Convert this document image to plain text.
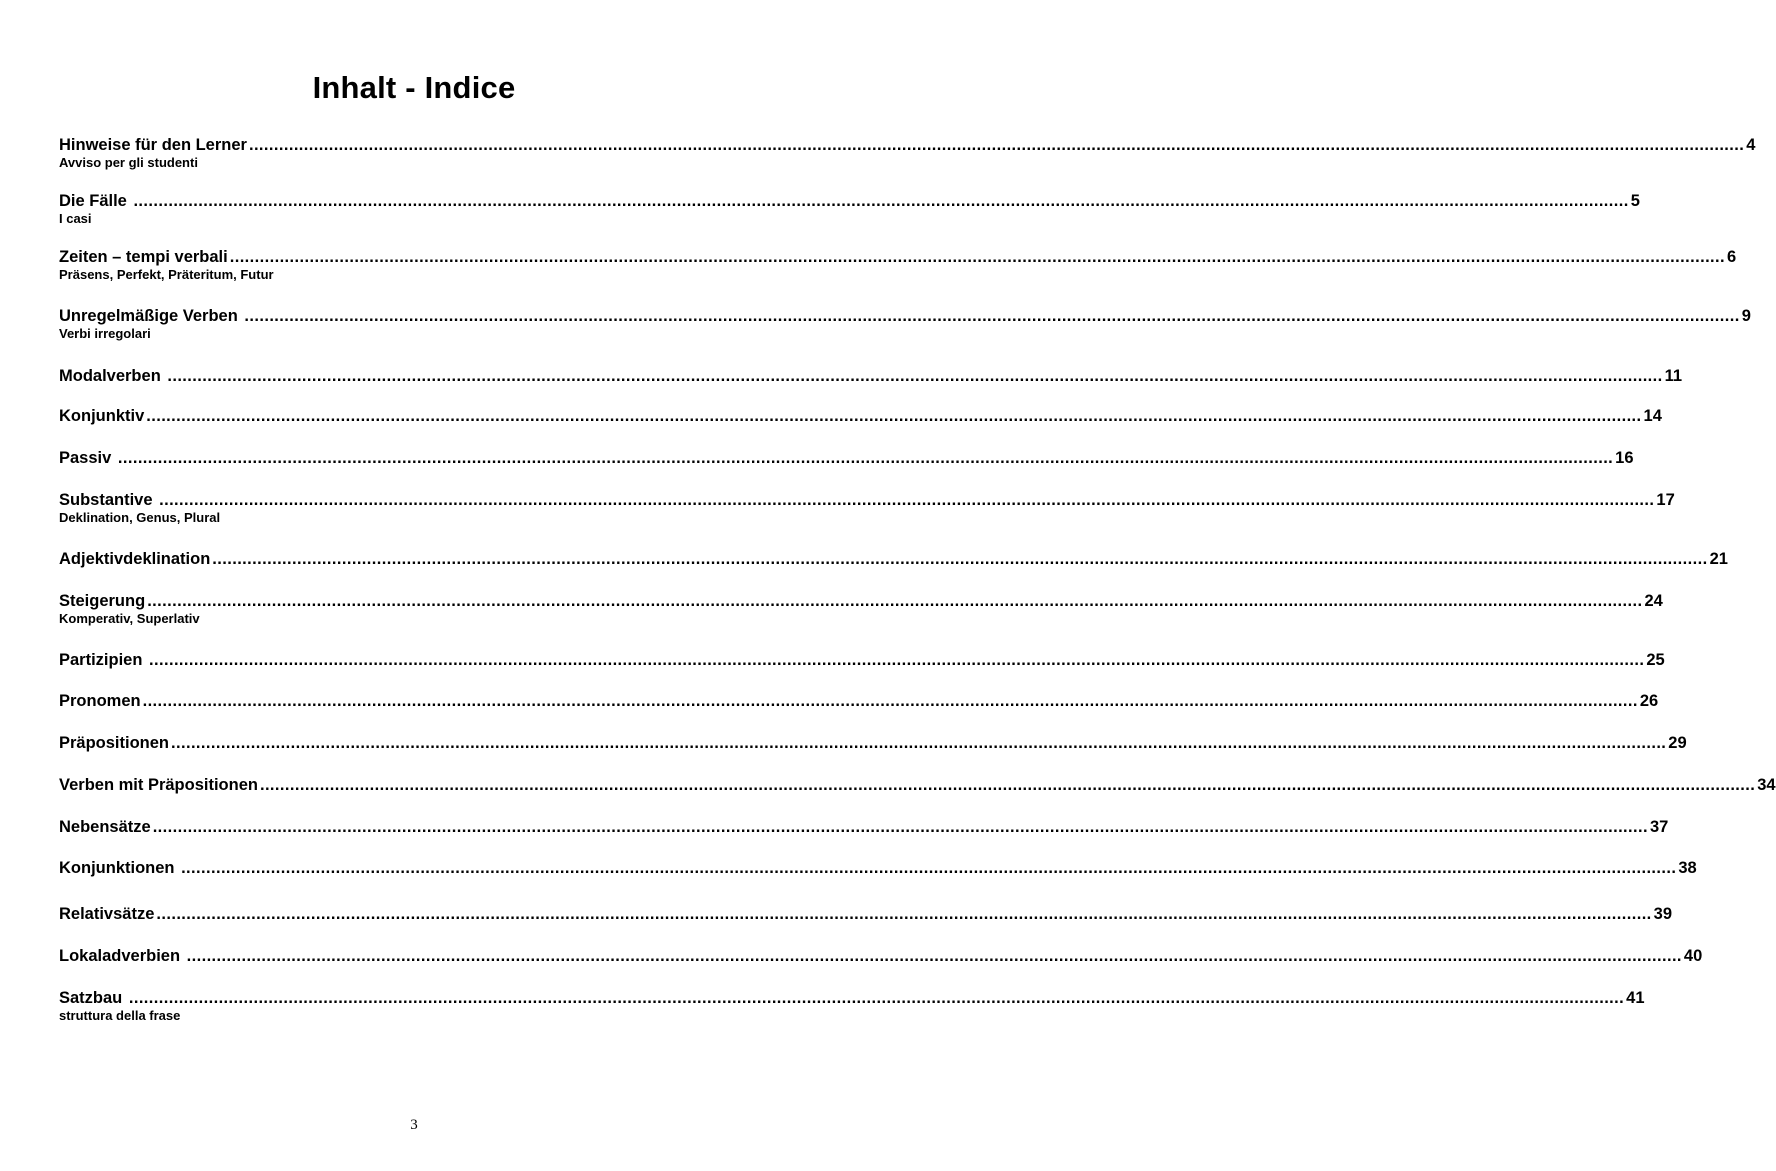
Inhalt - Indice
Hinweise für den Lerner ............................................................................................................................................................................................................................................................................................................ 4
Avviso per gli studenti
Die Fälle ............................................................................................................................................................................................................................................................................................................ 5
I casi
Zeiten – tempi verbali ............................................................................................................................................................................................................................................................................................................ 6
Präsens, Perfekt, Präteritum, Futur
Unregelmäßige Verben ............................................................................................................................................................................................................................................................................................................ 9
Verbi irregolari
Modalverben ............................................................................................................................................................................................................................................................................................................ 11
Konjunktiv ............................................................................................................................................................................................................................................................................................................ 14
Passiv ............................................................................................................................................................................................................................................................................................................ 16
Substantive ............................................................................................................................................................................................................................................................................................................ 17
Deklination, Genus, Plural
Adjektivdeklination ............................................................................................................................................................................................................................................................................................................ 21
Steigerung ............................................................................................................................................................................................................................................................................................................ 24
Komperativ, Superlativ
Partizipien ............................................................................................................................................................................................................................................................................................................ 25
Pronomen ............................................................................................................................................................................................................................................................................................................ 26
Präpositionen ............................................................................................................................................................................................................................................................................................................ 29
Verben mit Präpositionen ............................................................................................................................................................................................................................................................................................................ 34
Nebensätze ............................................................................................................................................................................................................................................................................................................ 37
Konjunktionen ............................................................................................................................................................................................................................................................................................................ 38
Relativsätze ............................................................................................................................................................................................................................................................................................................ 39
Lokaladverbien ............................................................................................................................................................................................................................................................................................................ 40
Satzbau ............................................................................................................................................................................................................................................................................................................ 41
struttura della frase
3
